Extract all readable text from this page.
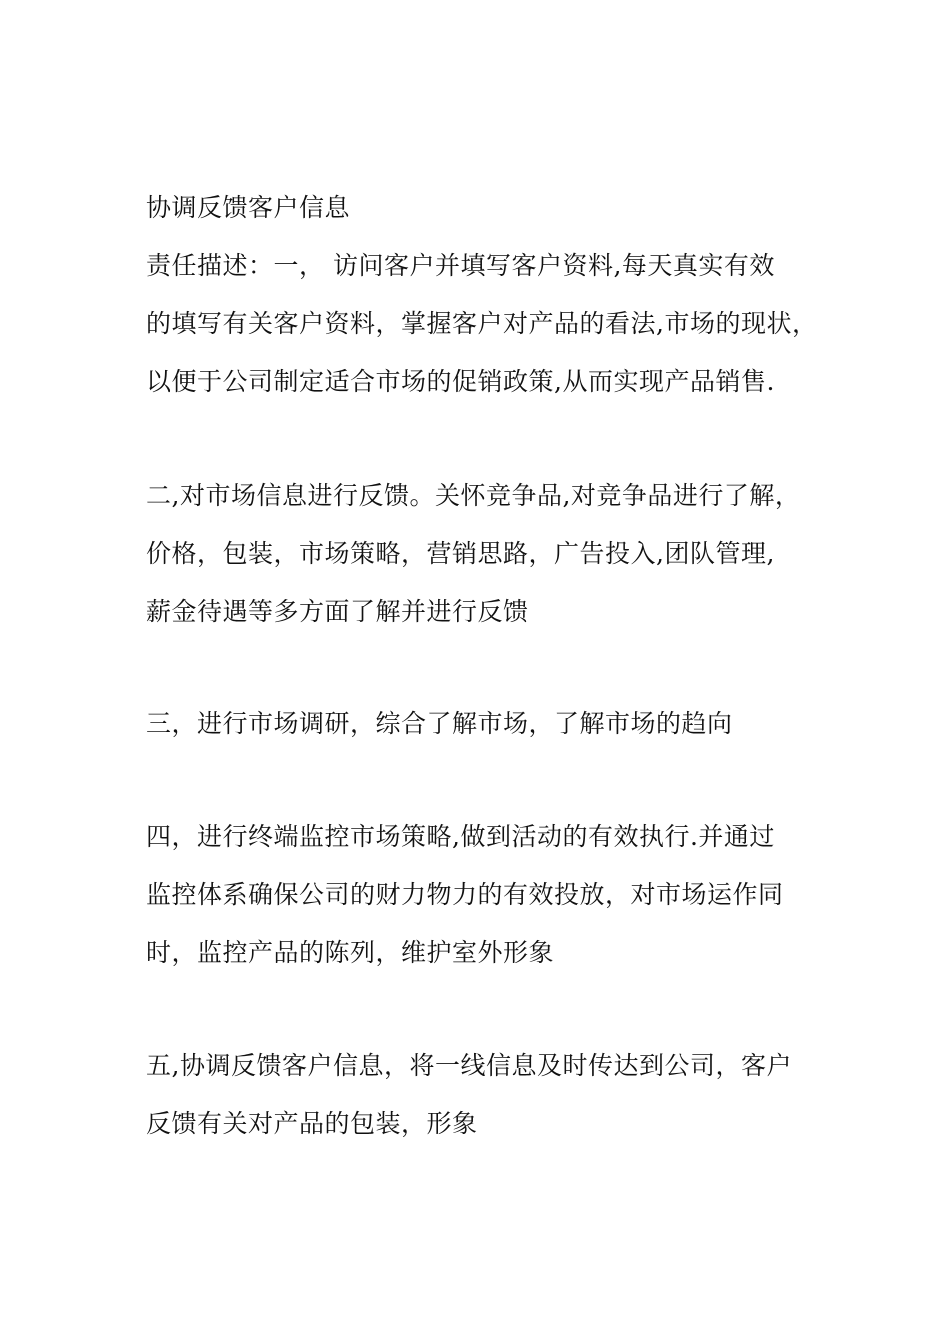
协调反馈客户信息
责任描述：一， 访问客户并填写客户资料,每天真实有效
的填写有关客户资料，掌握客户对产品的看法,市场的现状，
以便于公司制定适合市场的促销政策,从而实现产品销售.
二,对市场信息进行反馈。关怀竞争品,对竞争品进行了解，
价格，包装，市场策略，营销思路，广告投入,团队管理,
薪金待遇等多方面了解并进行反馈
三，进行市场调研，综合了解市场，了解市场的趋向
四，进行终端监控市场策略,做到活动的有效执行.并通过
监控体系确保公司的财力物力的有效投放，对市场运作同
时，监控产品的陈列，维护室外形象
五,协调反馈客户信息，将一线信息及时传达到公司，客户
反馈有关对产品的包装，形象
